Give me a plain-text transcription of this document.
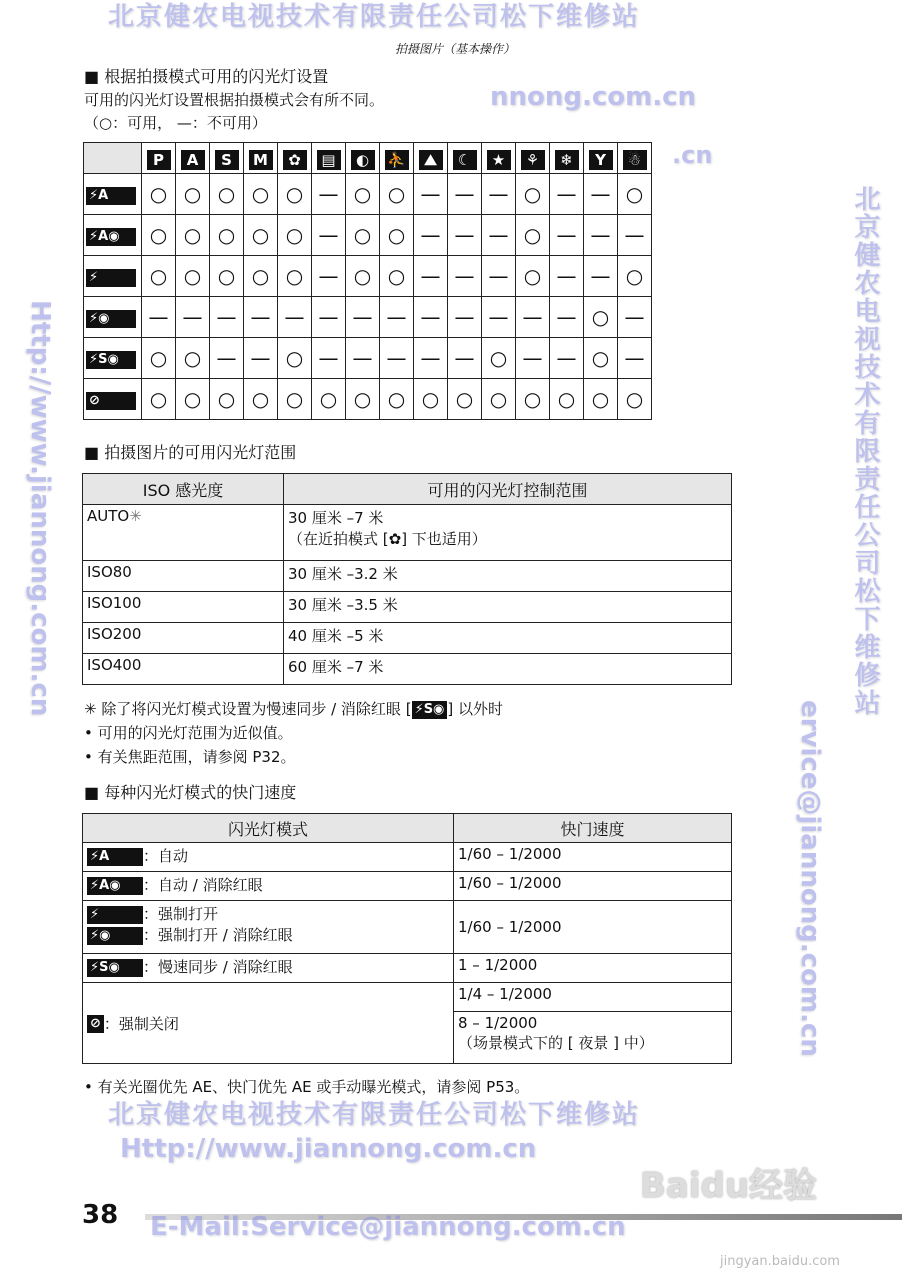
北京健农电视技术有限责任公司松下维修站
拍摄图片（基本操作）
■ 根据拍摄模式可用的闪光灯设置
可用的闪光灯设置根据拍摄模式会有所不同。	nnong.com.cn
（○：可用， —：不可用）
.cn
	P	A	S	M	✿	▤	◐	⛹	⛰	☾	★	⚘	❄	Y	☃
⚡A	○	○	○	○	○	—	○	○	—	—	—	○	—	—	○
⚡A◉	○	○	○	○	○	—	○	○	—	—	—	○	—	—	—
⚡	○	○	○	○	○	—	○	○	—	—	—	○	—	—	○
⚡◉	—	—	—	—	—	—	—	—	—	—	—	—	—	○	—
⚡S◉	○	○	—	—	○	—	—	—	—	—	○	—	—	○	—
⊘	○	○	○	○	○	○	○	○	○	○	○	○	○	○	○
■ 拍摄图片的可用闪光灯范围
ISO 感光度	可用的闪光灯控制范围
AUTO✳	30 厘米 –7 米
（在近拍模式 [✿] 下也适用）

ISO80	30 厘米 –3.2 米
ISO100	30 厘米 –3.5 米
ISO200	40 厘米 –5 米
ISO400	60 厘米 –7 米	北京健农电视技术有限责任公司松下维修站
Http://www.jiannong.com.cn ✳ 除了将闪光灯模式设置为慢速同步 / 消除红眼 [ ⚡S◉ ] 以外时
• 可用的闪光灯范围为近似值。
• 有关焦距范围，请参阅 P32。	ervice@jiannong.com.cn
■ 每种闪光灯模式的快门速度
闪光灯模式	快门速度
⚡A ：自动	1/60 – 1/2000
⚡A◉ ：自动 / 消除红眼	1/60 – 1/2000

⚡ ：强制打开
⚡◉ ：强制打开 / 消除红眼	1/60 – 1/2000
⚡S◉ ：慢速同步 / 消除红眼	1 – 1/2000
⊘ ：强制关闭	1/4 – 1/2000

	8 – 1/2000
（场景模式下的 [ 夜景 ] 中）
• 有关光圈优先 AE、快门优先 AE 或手动曝光模式，请参阅 P53。
北京健农电视技术有限责任公司松下维修站
Http://www.jiannong.com.cn
38 E-Mail:Service@jiannong.com.cn
Baidu经验
jingyan.baidu.com
